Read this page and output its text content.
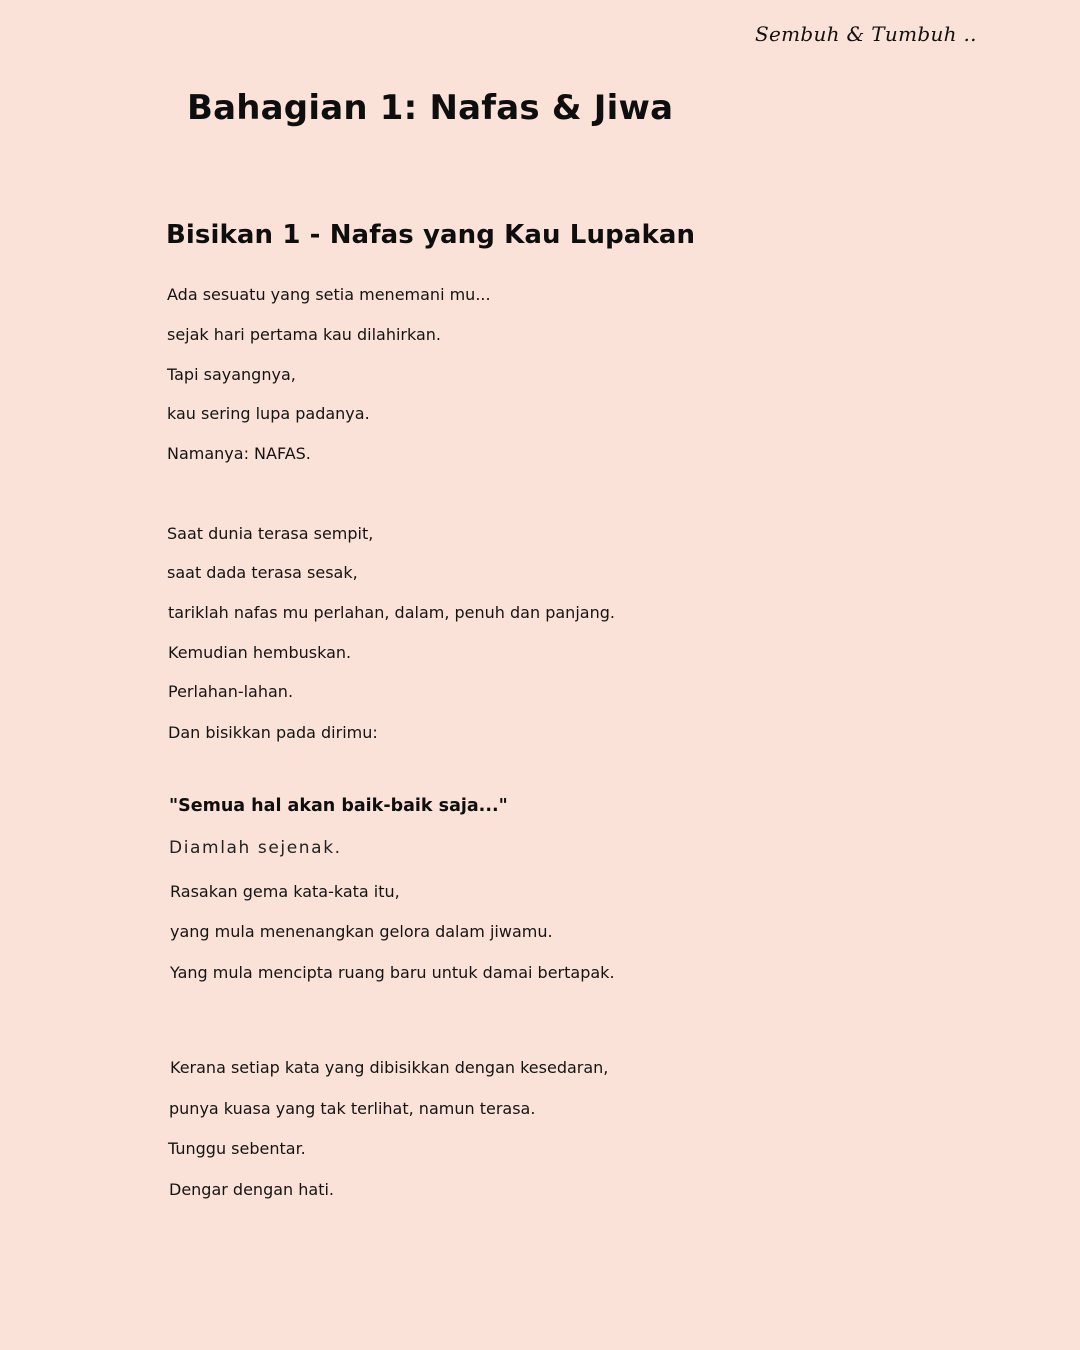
Sembuh & Tumbuh ..
Bahagian 1: Nafas & Jiwa
Bisikan 1 - Nafas yang Kau Lupakan

Ada sesuatu yang setia menemani mu...

sejak hari pertama kau dilahirkan.

Tapi sayangnya,

kau sering lupa padanya.

Namanya: NAFAS.

Saat dunia terasa sempit,

saat dada terasa sesak,

tariklah nafas mu perlahan, dalam, penuh dan panjang.

Kemudian hembuskan.

Perlahan-lahan.

Dan bisikkan pada dirimu:

"Semua hal akan baik-baik saja..."

Diamlah sejenak.

Rasakan gema kata-kata itu,

yang mula menenangkan gelora dalam jiwamu.

Yang mula mencipta ruang baru untuk damai bertapak.

Kerana setiap kata yang dibisikkan dengan kesedaran,

punya kuasa yang tak terlihat, namun terasa.

Tunggu sebentar.

Dengar dengan hati.
